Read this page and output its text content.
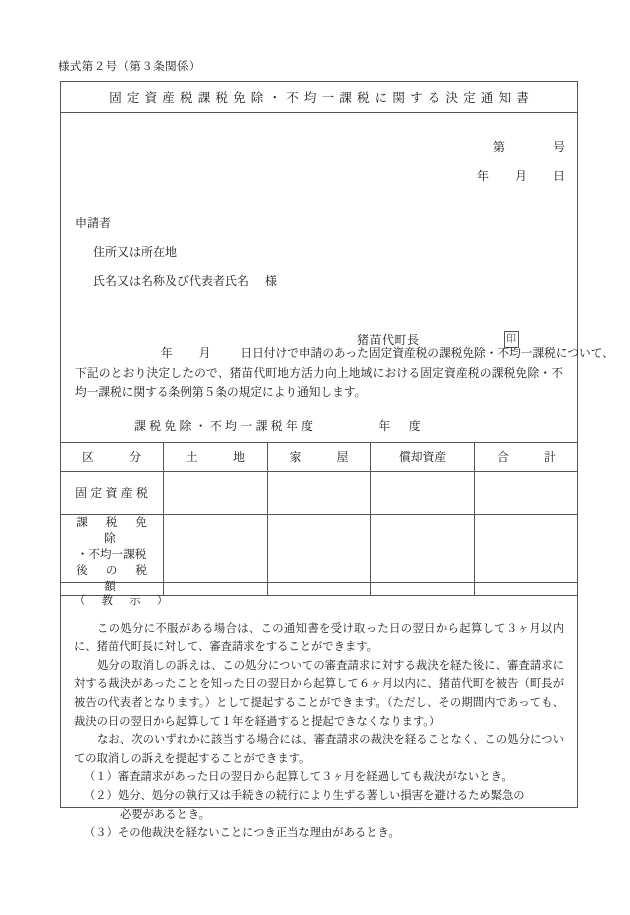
様式第２号（第３条関係）
固定資産税課税免除・不均一課税に関する決定通知書
第	号
年 月 日
申請者
住所又は所在地
氏名又は名称及び代表者氏名 様
猪苗代町長	印
年 月	日日付けで申請のあった固定資産税の課税免除・不均一課税について、
下記のとおり決定したので、猪苗代町地方活力向上地域における固定資産税の課税免除・不均一課税に関する条例第５条の規定により通知します。
課税免除・不均一課税年度 年　度				

区　　　分	土　　　地	家　　　屋	償却資産	合　　　計
固定資産税				

課　税　免　除
・不均一課税
後　の　税　額				

（　教　示　）

この処分に不服がある場合は、この通知書を受け取った日の翌日から起算して３ヶ月以内に、猪苗代町長に対して、審査請求をすることができます。

処分の取消しの訴えは、この処分についての審査請求に対する裁決を経た後に、審査請求に対する裁決があったことを知った日の翌日から起算して６ヶ月以内に、猪苗代町を被告（町長が被告の代表者となります。）として提起することができます。（ただし、その期間内であっても、裁決の日の翌日から起算して１年を経過すると提起できなくなります。）

なお、次のいずれかに該当する場合には、審査請求の裁決を経ることなく、この処分についての取消しの訴えを提起することができます。

（１）審査請求があった日の翌日から起算して３ヶ月を経過しても裁決がないとき。

（２）処分、処分の執行又は手続きの続行により生ずる著しい損害を避けるため緊急の

必要があるとき。

（３）その他裁決を経ないことにつき正当な理由があるとき。
